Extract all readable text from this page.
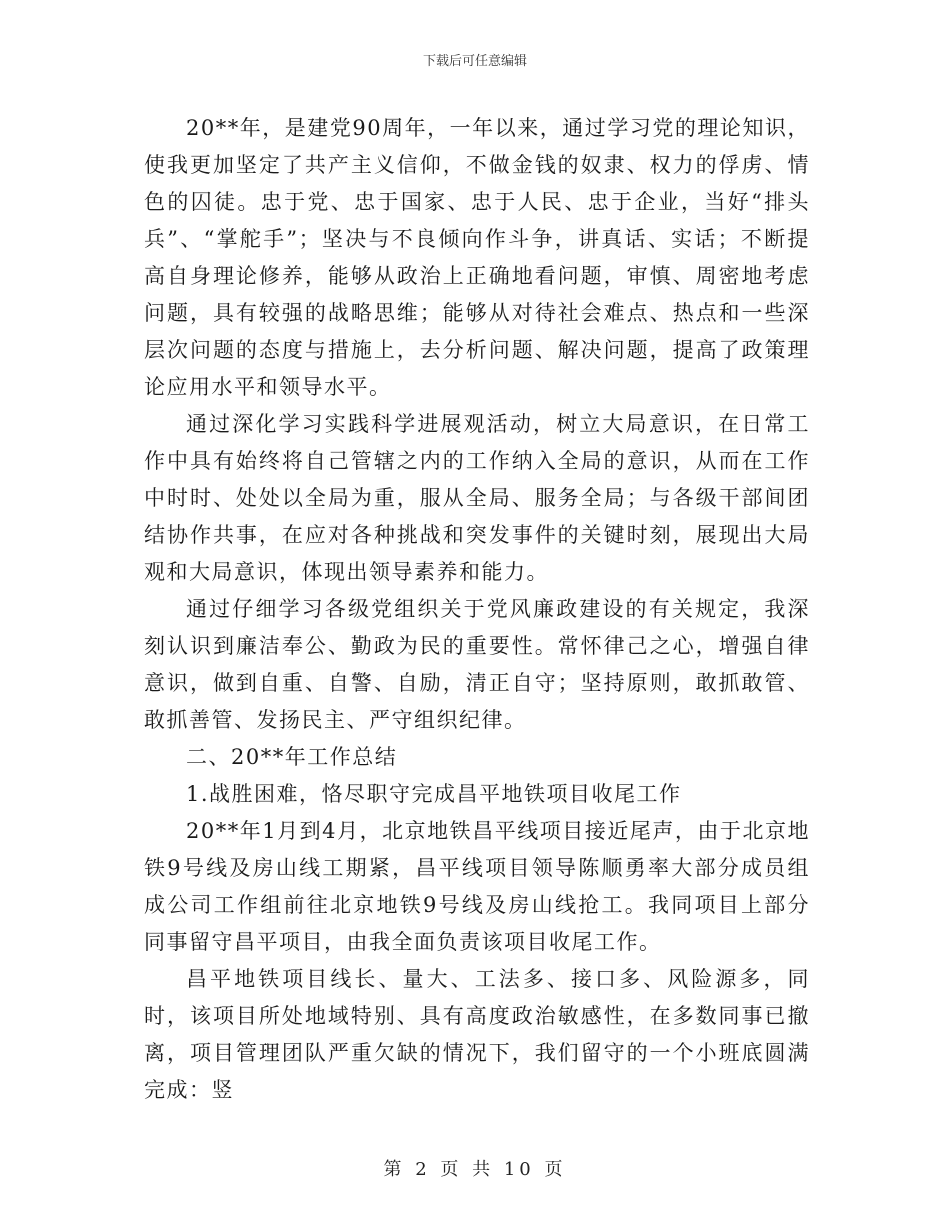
下载后可任意编辑

20**年，是建党90周年，一年以来，通过学习党的理论知识，使我更加坚定了共产主义信仰，不做金钱的奴隶、权力的俘虏、情色的囚徒。忠于党、忠于国家、忠于人民、忠于企业，当好“排头兵”、“掌舵手”；坚决与不良倾向作斗争，讲真话、实话；不断提高自身理论修养，能够从政治上正确地看问题，审慎、周密地考虑问题，具有较强的战略思维；能够从对待社会难点、热点和一些深层次问题的态度与措施上，去分析问题、解决问题，提高了政策理论应用水平和领导水平。

通过深化学习实践科学进展观活动，树立大局意识，在日常工作中具有始终将自己管辖之内的工作纳入全局的意识，从而在工作中时时、处处以全局为重，服从全局、服务全局；与各级干部间团结协作共事，在应对各种挑战和突发事件的关键时刻，展现出大局观和大局意识，体现出领导素养和能力。

通过仔细学习各级党组织关于党风廉政建设的有关规定，我深刻认识到廉洁奉公、勤政为民的重要性。常怀律己之心，增强自律意识，做到自重、自警、自励，清正自守；坚持原则，敢抓敢管、敢抓善管、发扬民主、严守组织纪律。

二、20**年工作总结

1.战胜困难，恪尽职守完成昌平地铁项目收尾工作

20**年1月到4月，北京地铁昌平线项目接近尾声，由于北京地铁9号线及房山线工期紧，昌平线项目领导陈顺勇率大部分成员组成公司工作组前往北京地铁9号线及房山线抢工。我同项目上部分同事留守昌平项目，由我全面负责该项目收尾工作。

昌平地铁项目线长、量大、工法多、接口多、风险源多，同时，该项目所处地域特别、具有高度政治敏感性，在多数同事已撤离，项目管理团队严重欠缺的情况下，我们留守的一个小班底圆满完成：竖

第 2 页 共 10 页
